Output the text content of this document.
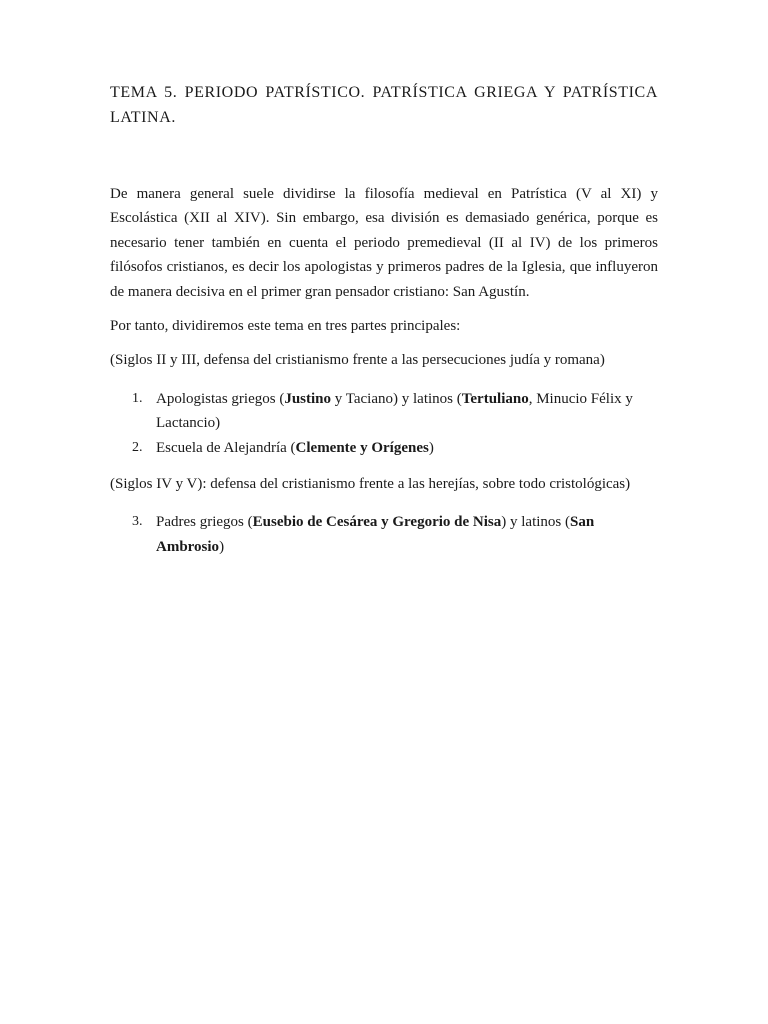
TEMA 5. PERIODO PATRÍSTICO. PATRÍSTICA GRIEGA Y PATRÍSTICA LATINA.

De manera general suele dividirse la filosofía medieval en Patrística (V al XI) y Escolástica (XII al XIV). Sin embargo, esa división es demasiado genérica, porque es necesario tener también en cuenta el periodo premedieval (II al IV) de los primeros filósofos cristianos, es decir los apologistas y primeros padres de la Iglesia, que influyeron de manera decisiva en el primer gran pensador cristiano: San Agustín.

Por tanto, dividiremos este tema en tres partes principales:

(Siglos II y III, defensa del cristianismo frente a las persecuciones judía y romana)

1. Apologistas griegos (Justino y Taciano) y latinos (Tertuliano, Minucio Félix y Lactancio)
2. Escuela de Alejandría (Clemente y Orígenes)

(Siglos IV y V): defensa del cristianismo frente a las herejías, sobre todo cristológicas)

3. Padres griegos (Eusebio de Cesárea y Gregorio de Nisa) y latinos (San Ambrosio)
